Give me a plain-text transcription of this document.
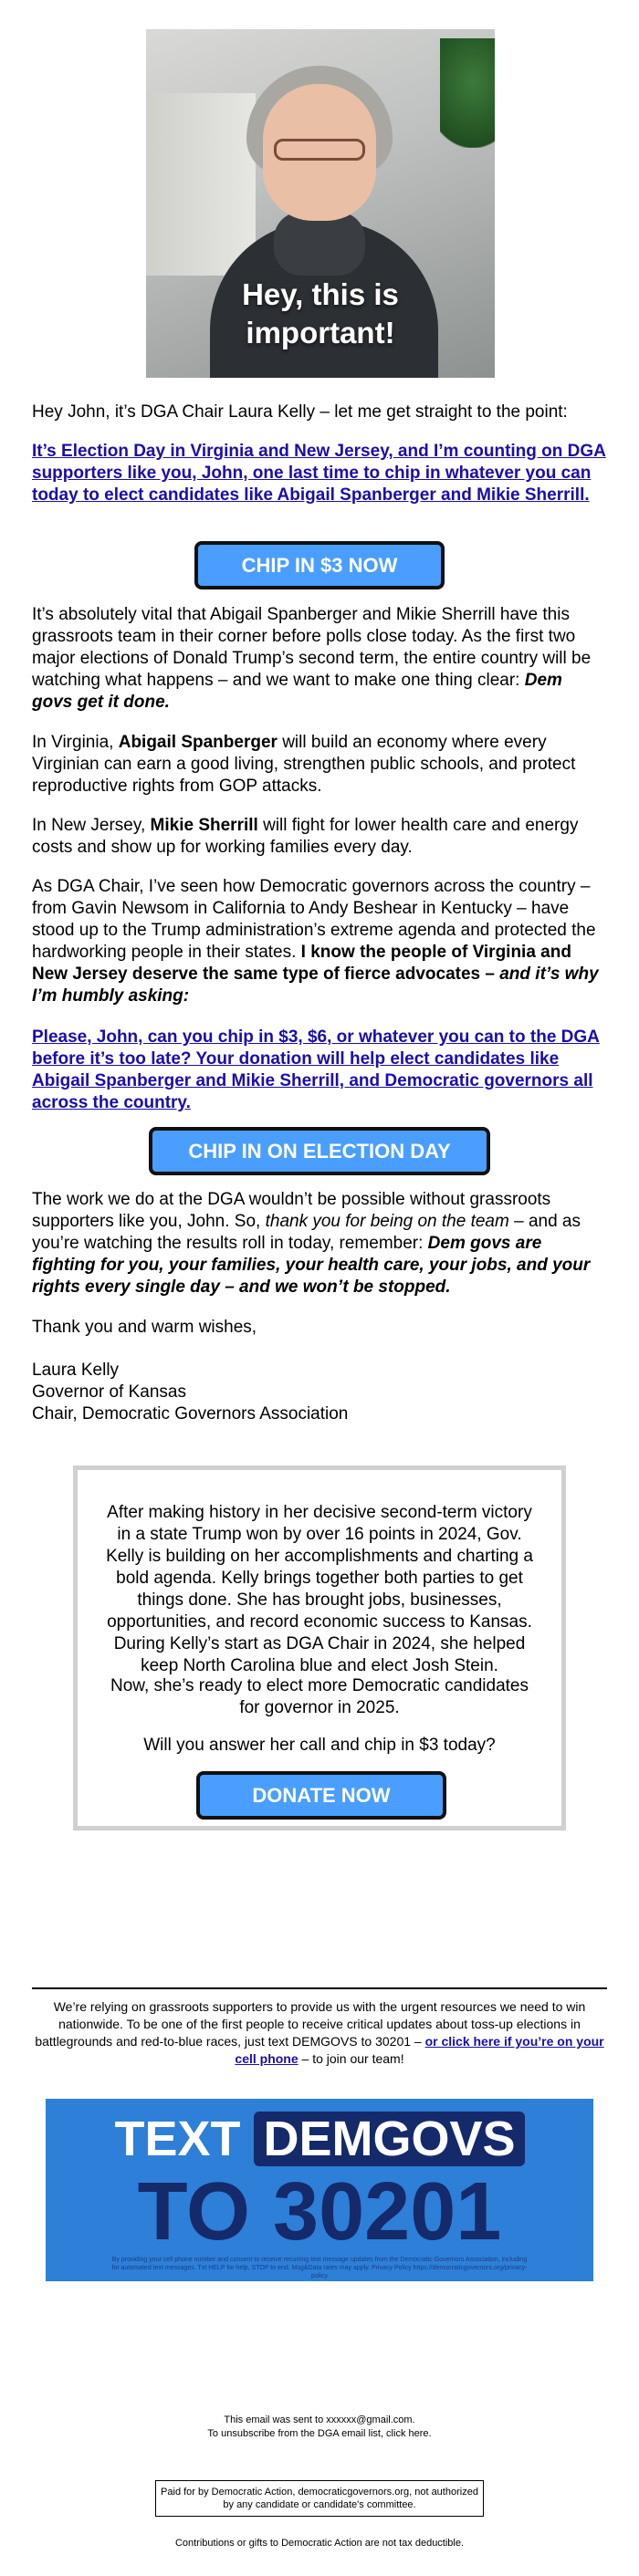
Hey, this is
important!

Hey John, it’s DGA Chair Laura Kelly – let me get straight to the point:

It’s Election Day in Virginia and New Jersey, and I’m counting on DGA supporters like you, John, one last time to chip in whatever you can today to elect candidates like Abigail Spanberger and Mikie Sherrill.

CHIP IN $3 NOW

It’s absolutely vital that Abigail Spanberger and Mikie Sherrill have this grassroots team in their corner before polls close today. As the first two major elections of Donald Trump’s second term, the entire country will be watching what happens – and we want to make one thing clear: Dem govs get it done.

In Virginia, Abigail Spanberger will build an economy where every Virginian can earn a good living, strengthen public schools, and protect reproductive rights from GOP attacks.

In New Jersey, Mikie Sherrill will fight for lower health care and energy costs and show up for working families every day.

As DGA Chair, I’ve seen how Democratic governors across the country – from Gavin Newsom in California to Andy Beshear in Kentucky – have stood up to the Trump administration’s extreme agenda and protected the hardworking people in their states. I know the people of Virginia and New Jersey deserve the same type of fierce advocates – and it’s why I’m humbly asking:

Please, John, can you chip in $3, $6, or whatever you can to the DGA before it’s too late? Your donation will help elect candidates like Abigail Spanberger and Mikie Sherrill, and Democratic governors all across the country.

CHIP IN ON ELECTION DAY

The work we do at the DGA wouldn’t be possible without grassroots supporters like you, John. So, thank you for being on the team – and as you’re watching the results roll in today, remember: Dem govs are fighting for you, your families, your health care, your jobs, and your rights every single day – and we won’t be stopped.

Thank you and warm wishes,

Laura Kelly
Governor of Kansas
Chair, Democratic Governors Association

After making history in her decisive second-term victory in a state Trump won by over 16 points in 2024, Gov. Kelly is building on her accomplishments and charting a bold agenda. Kelly brings together both parties to get things done. She has brought jobs, businesses, opportunities, and record economic success to Kansas. During Kelly’s start as DGA Chair in 2024, she helped keep North Carolina blue and elect Josh Stein.

Now, she’s ready to elect more Democratic candidates for governor in 2025.

Will you answer her call and chip in $3 today?

DONATE NOW

We’re relying on grassroots supporters to provide us with the urgent resources we need to win nationwide. To be one of the first people to receive critical updates about toss-up elections in battlegrounds and red-to-blue races, just text DEMGOVS to 30201 – or click here if you’re on your cell phone – to join our team!

TEXT DEMGOVS
TO 30201
By providing your cell phone number and consent to receive recurring text message updates from the Democratic Governors Association, including for automated text messages. Txt HELP for help, STOP to end. Msg&Data rates may apply. Privacy Policy https://democraticgovernors.org/privacy-policy

This email was sent to xxxxxx@gmail.com.

To unsubscribe from the DGA email list, click here.

Paid for by Democratic Action, democraticgovernors.org, not authorized by any candidate or candidate's committee.

Contributions or gifts to Democratic Action are not tax deductible.
